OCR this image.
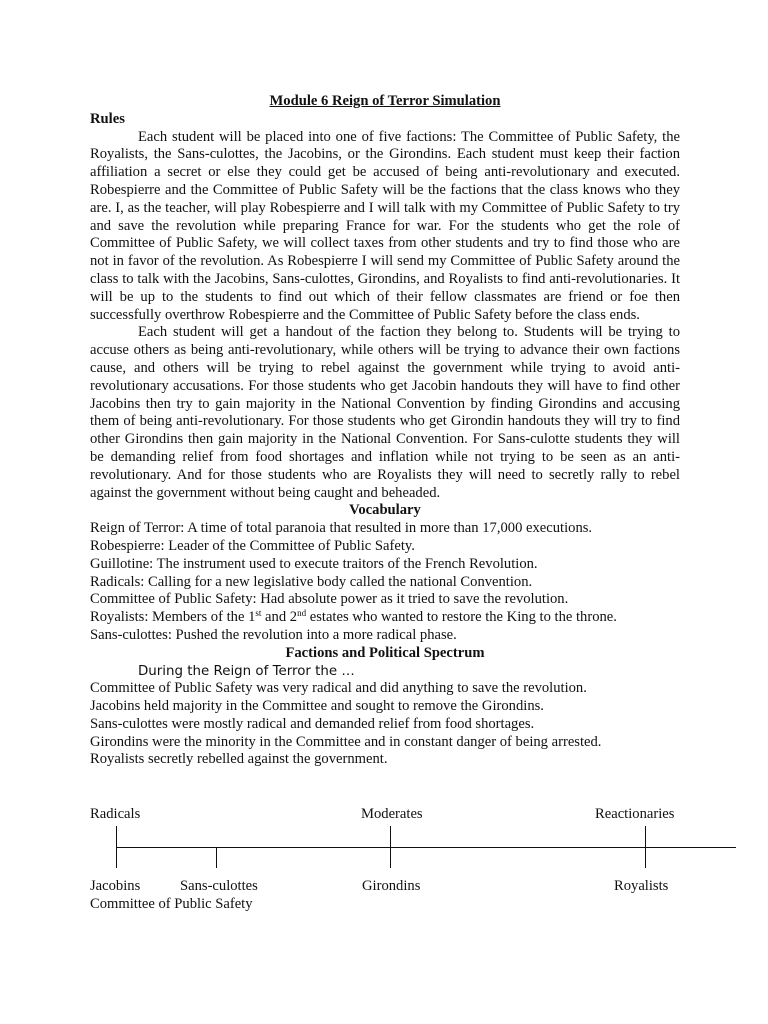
Module 6 Reign of Terror Simulation
Rules

Each student will be placed into one of five factions: The Committee of Public Safety, the Royalists, the Sans-culottes, the Jacobins, or the Girondins. Each student must keep their faction affiliation a secret or else they could get be accused of being anti-revolutionary and executed. Robespierre and the Committee of Public Safety will be the factions that the class knows who they are. I, as the teacher, will play Robespierre and I will talk with my Committee of Public Safety to try and save the revolution while preparing France for war. For the students who get the role of Committee of Public Safety, we will collect taxes from other students and try to find those who are not in favor of the revolution. As Robespierre I will send my Committee of Public Safety around the class to talk with the Jacobins, Sans-culottes, Girondins, and Royalists to find anti-revolutionaries. It will be up to the students to find out which of their fellow classmates are friend or foe then successfully overthrow Robespierre and the Committee of Public Safety before the class ends.

Each student will get a handout of the faction they belong to. Students will be trying to accuse others as being anti-revolutionary, while others will be trying to advance their own factions cause, and others will be trying to rebel against the government while trying to avoid anti-revolutionary accusations. For those students who get Jacobin handouts they will have to find other Jacobins then try to gain majority in the National Convention by finding Girondins and accusing them of being anti-revolutionary. For those students who get Girondin handouts they will try to find other Girondins then gain majority in the National Convention. For Sans-culotte students they will be demanding relief from food shortages and inflation while not trying to be seen as an anti-revolutionary. And for those students who are Royalists they will need to secretly rally to rebel against the government without being caught and beheaded.

Vocabulary
Reign of Terror: A time of total paranoia that resulted in more than 17,000 executions.
Robespierre: Leader of the Committee of Public Safety.
Guillotine: The instrument used to execute traitors of the French Revolution.
Radicals: Calling for a new legislative body called the national Convention.
Committee of Public Safety: Had absolute power as it tried to save the revolution.
Royalists: Members of the 1st and 2nd estates who wanted to restore the King to the throne.
Sans-culottes: Pushed the revolution into a more radical phase.
Factions and Political Spectrum
During the Reign of Terror the …
Committee of Public Safety was very radical and did anything to save the revolution.
Jacobins held majority in the Committee and sought to remove the Girondins.
Sans-culottes were mostly radical and demanded relief from food shortages.
Girondins were the minority in the Committee and in constant danger of being arrested.
Royalists secretly rebelled against the government.
Radicals	Moderates	Reactionaries
Jacobins	Sans-culottes	Girondins	Royalists
Committee of Public Safety
